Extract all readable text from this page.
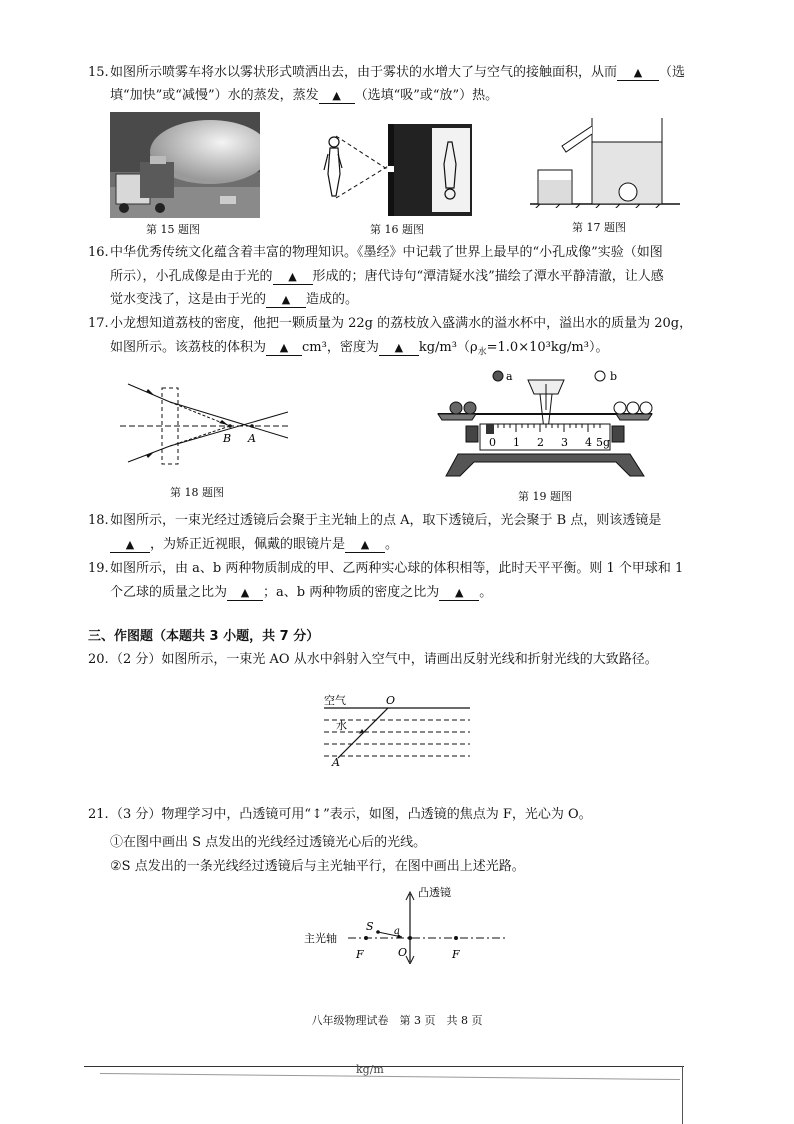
15.如图所示喷雾车将水以雾状形式喷洒出去，由于雾状的水增大了与空气的接触面积，从而 ▲ （选
填“加快”或“减慢”）水的蒸发，蒸发 ▲ （选填“吸”或“放”）热。
第 15 题图	第 16 题图	第 17 题图
16.中华优秀传统文化蕴含着丰富的物理知识。《墨经》中记载了世界上最早的“小孔成像”实验（如图
所示），小孔成像是由于光的 ▲ 形成的；唐代诗句“潭清疑水浅”描绘了潭水平静清澈，让人感
觉水变浅了，这是由于光的 ▲ 造成的。
17.小龙想知道荔枝的密度，他把一颗质量为 22g 的荔枝放入盛满水的溢水杯中，溢出水的质量为 20g，
如图所示。该荔枝的体积为 ▲ cm³，密度为 ▲ $kg/m^3(\rho_水=1.0\times 10^3kg/m^3)$。
B A
第 18 题图
a	b
0 1 2 3 4 5g
第 19 题图
18.如图所示，一束光经过透镜后会聚于主光轴上的点 A，取下透镜后，光会聚于 B 点，则该透镜是
▲ ，为矫正近视眼，佩戴的眼镜片是 ▲ 。
19.如图所示，由 a、b 两种物质制成的甲、乙两种实心球的体积相等，此时天平平衡。则 1 个甲球和 1
个乙球的质量之比为 ▲ ；a、b 两种物质的密度之比为 ▲ 。
三、作图题（本题共 3 小题，共 7 分）
20.（2 分）如图所示，一束光 AO 从水中斜射入空气中，请画出反射光线和折射光线的大致路径。
空气	O
水
A
21.（3 分）物理学习中，凸透镜可用“↕”表示，如图，凸透镜的焦点为 F，光心为 O。
①在图中画出 S 点发出的光线经过透镜光心后的光线。
②S 点发出的一条光线经过透镜后与主光轴平行，在图中画出上述光路。
凸透镜
主光轴
F	F
O
S a
八年级物理试卷　第 3 页　共 8 页
kg/m
